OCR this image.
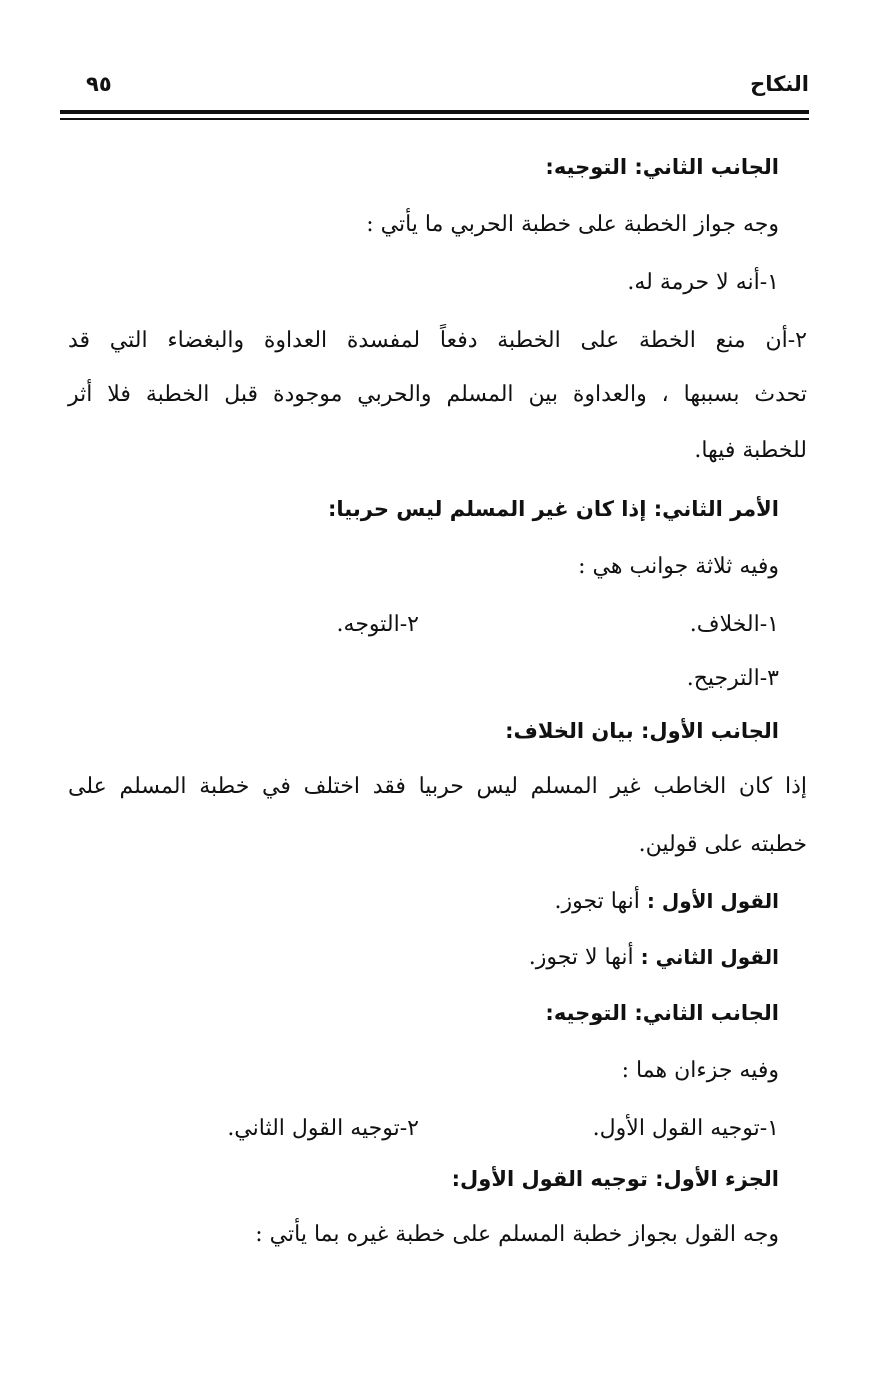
النكاح
٩٥
الجانب الثاني: التوجيه:
وجه جواز الخطبة على خطبة الحربي ما يأتي :
١-أنه لا حرمة له.
٢-أن منع الخطة على الخطبة دفعاً لمفسدة العداوة والبغضاء التي قد
تحدث بسببها ، والعداوة بين المسلم والحربي موجودة قبل الخطبة فلا أثر
للخطبة فيها.
الأمر الثاني: إذا كان غير المسلم ليس حربيا:
وفيه ثلاثة جوانب هي :
١-الخلاف.
٢-التوجه.
٣-الترجيح.
الجانب الأول: بيان الخلاف:
إذا كان الخاطب غير المسلم ليس حربيا فقد اختلف في خطبة المسلم على
خطبته على قولين.
القول الأول : أنها تجوز.
القول الثاني : أنها لا تجوز.
الجانب الثاني: التوجيه:
وفيه جزءان هما :
١-توجيه القول الأول.
٢-توجيه القول الثاني.
الجزء الأول: توجيه القول الأول:
وجه القول بجواز خطبة المسلم على خطبة غيره بما يأتي :
